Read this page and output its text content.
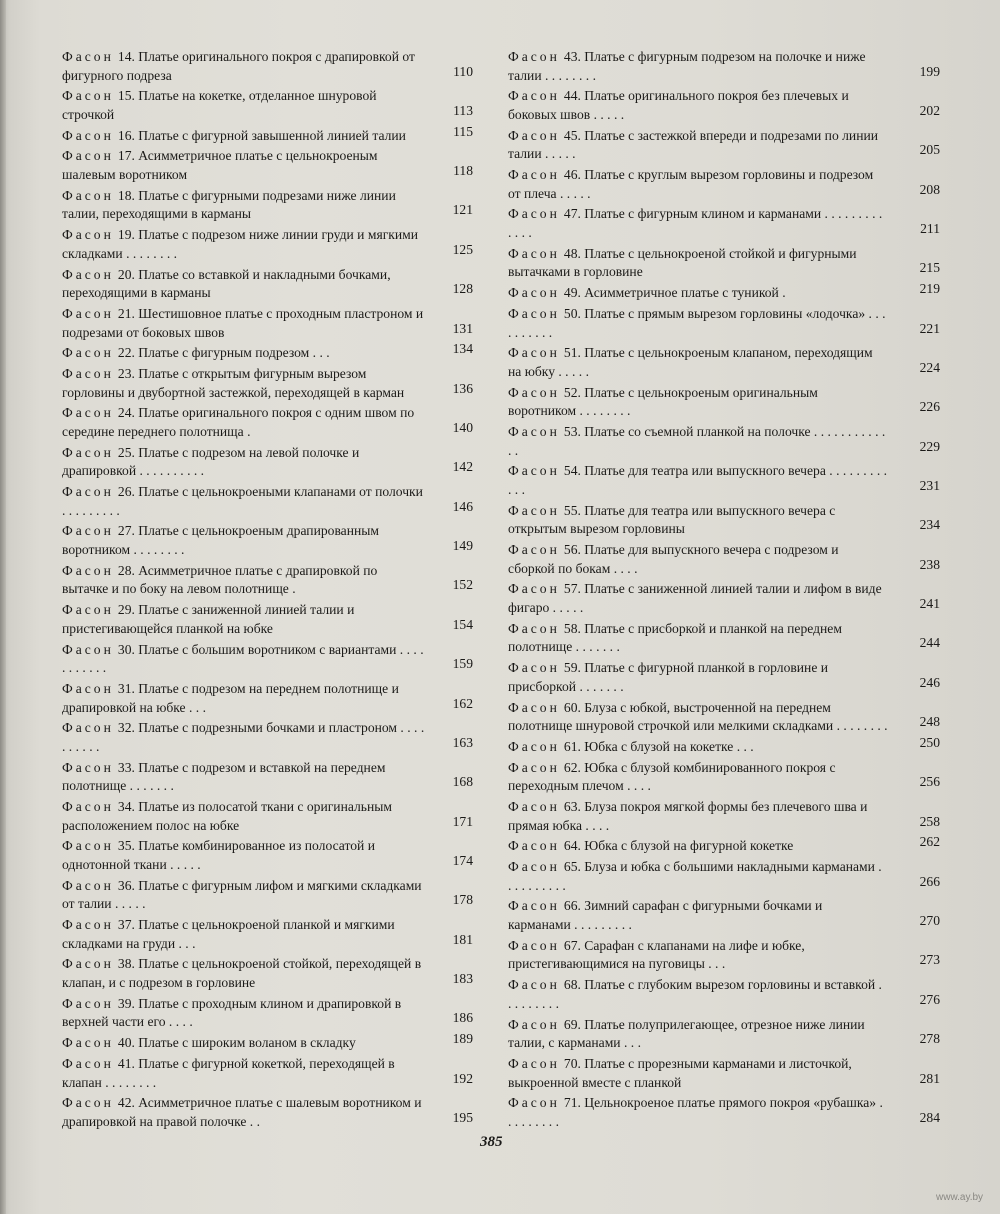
Фасон 14. Платье оригинального покроя с драпировкой от фигурного подреза	110
Фасон 15. Платье на кокетке, отделанное шнуровой строчкой	113
Фасон 16. Платье с фигурной завышенной линией талии	115
Фасон 17. Асимметричное платье с цельнокроеным шалевым воротником	118
Фасон 18. Платье с фигурными подрезами ниже линии талии, переходящими в карманы	121
Фасон 19. Платье с подрезом ниже линии груди и мягкими складками . . . . . . . .	125
Фасон 20. Платье со вставкой и накладными бочками, переходящими в карманы	128
Фасон 21. Шестишовное платье с проходным пластроном и подрезами от боковых швов	131
Фасон 22. Платье с фигурным подрезом . . .	134
Фасон 23. Платье с открытым фигурным вырезом горловины и двубортной застежкой, переходящей в карман	136
Фасон 24. Платье оригинального покроя с одним швом по середине переднего полотнища .	140
Фасон 25. Платье с подрезом на левой полочке и драпировкой . . . . . . . . . .	142
Фасон 26. Платье с цельнокроеными клапанами от полочки . . . . . . . . .	146
Фасон 27. Платье с цельнокроеным драпированным воротником . . . . . . . .	149
Фасон 28. Асимметричное платье с драпировкой по вытачке и по боку на левом полотнище .	152
Фасон 29. Платье с заниженной линией талии и пристегивающейся планкой на юбке	154
Фасон 30. Платье с большим воротником с вариантами . . . . . . . . . . .	159
Фасон 31. Платье с подрезом на переднем полотнище и драпировкой на юбке . . .	162
Фасон 32. Платье с подрезными бочками и пластроном . . . . . . . . . .	163
Фасон 33. Платье с подрезом и вставкой на переднем полотнище . . . . . . .	168
Фасон 34. Платье из полосатой ткани с оригинальным расположением полос на юбке	171
Фасон 35. Платье комбинированное из полосатой и однотонной ткани . . . . .	174
Фасон 36. Платье с фигурным лифом и мягкими складками от талии . . . . .	178
Фасон 37. Платье с цельнокроеной планкой и мягкими складками на груди . . .	181
Фасон 38. Платье с цельнокроеной стойкой, переходящей в клапан, и с подрезом в горловине	183
Фасон 39. Платье с проходным клином и драпировкой в верхней части его . . . .	186
Фасон 40. Платье с широким воланом в складку	189
Фасон 41. Платье с фигурной кокеткой, переходящей в клапан . . . . . . . .	192
Фасон 42. Асимметричное платье с шалевым воротником и драпировкой на правой полочке . .	195
Фасон 43. Платье с фигурным подрезом на полочке и ниже талии . . . . . . . .	199
Фасон 44. Платье оригинального покроя без плечевых и боковых швов . . . . .	202
Фасон 45. Платье с застежкой впереди и подрезами по линии талии . . . . .	205
Фасон 46. Платье с круглым вырезом горловины и подрезом от плеча . . . . .	208
Фасон 47. Платье с фигурным клином и карманами . . . . . . . . . . . . .	211
Фасон 48. Платье с цельнокроеной стойкой и фигурными вытачками в горловине	215
Фасон 49. Асимметричное платье с туникой .	219
Фасон 50. Платье с прямым вырезом горловины «лодочка» . . . . . . . . . .	221
Фасон 51. Платье с цельнокроеным клапаном, переходящим на юбку . . . . .	224
Фасон 52. Платье с цельнокроеным оригинальным воротником . . . . . . . .	226
Фасон 53. Платье со съемной планкой на полочке . . . . . . . . . . . . .	229
Фасон 54. Платье для театра или выпускного вечера . . . . . . . . . . . .	231
Фасон 55. Платье для театра или выпускного вечера с открытым вырезом горловины	234
Фасон 56. Платье для выпускного вечера с подрезом и сборкой по бокам . . . .	238
Фасон 57. Платье с заниженной линией талии и лифом в виде фигаро . . . . .	241
Фасон 58. Платье с присборкой и планкой на переднем полотнище . . . . . . .	244
Фасон 59. Платье с фигурной планкой в горловине и присборкой . . . . . . .	246
Фасон 60. Блуза с юбкой, выстроченной на переднем полотнище шнуровой строчкой или мелкими складками . . . . . . . . 248
Фасон 61. Юбка с блузой на кокетке . . .	250
Фасон 62. Юбка с блузой комбинированного покроя с переходным плечом . . . .	256
Фасон 63. Блуза покроя мягкой формы без плечевого шва и прямая юбка . . . .	258
Фасон 64. Юбка с блузой на фигурной кокетке	262
Фасон 65. Блуза и юбка с большими накладными карманами . . . . . . . . . .	266
Фасон 66. Зимний сарафан с фигурными бочками и карманами . . . . . . . . .	270
Фасон 67. Сарафан с клапанами на лифе и юбке, пристегивающимися на пуговицы . . .	273
Фасон 68. Платье с глубоким вырезом горловины и вставкой . . . . . . . . .	276
Фасон 69. Платье полуприлегающее, отрезное ниже линии талии, с карманами . . .	278
Фасон 70. Платье с прорезными карманами и листочкой, выкроенной вместе с планкой	281
Фасон 71. Цельнокроеное платье прямого покроя «рубашка» . . . . . . . . .	284
385
www.ay.by
